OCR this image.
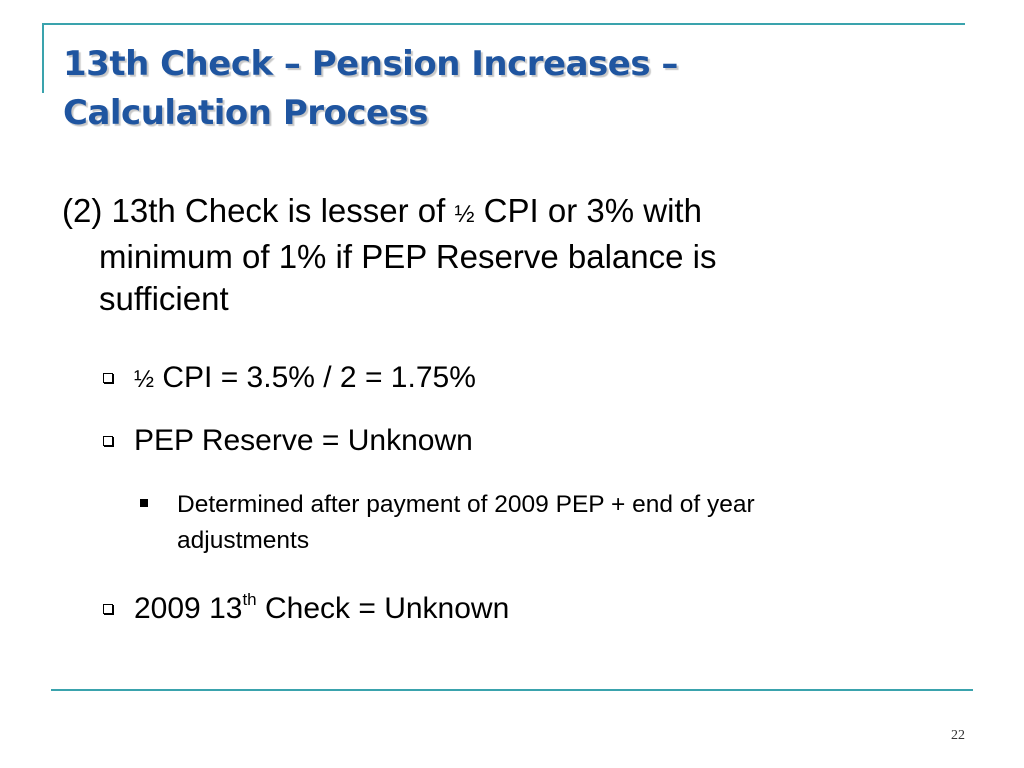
13th Check – Pension Increases –
Calculation Process
(2) 13th Check is lesser of ½ CPI or 3% with
minimum of 1% if PEP Reserve balance is
sufficient
½ CPI = 3.5% / 2 = 1.75%
PEP Reserve = Unknown
Determined after payment of 2009 PEP + end of year
adjustments
2009 13th Check = Unknown
22
